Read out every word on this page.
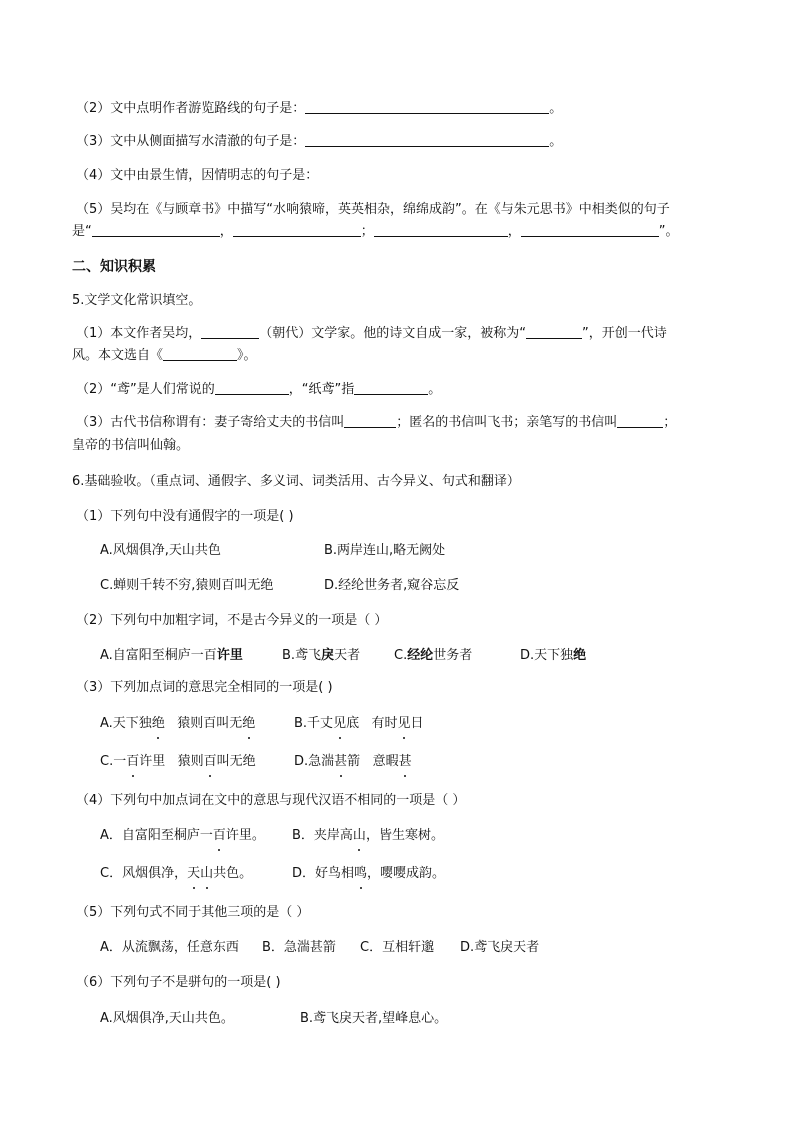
（2）文中点明作者游览路线的句子是：	。
（3）文中从侧面描写水清澈的句子是：	。
（4）文中由景生情，因情明志的句子是：
（5）吴均在《与顾章书》中描写“水响猿啼，英英相杂，绵绵成韵”。在《与朱元思书》中相类似的句子
是“	，	；	，	”。
二、知识积累
5.文学文化常识填空。
（1）本文作者吴均，	（朝代）文学家。他的诗文自成一家，被称为“	”，开创一代诗
风。本文选自《	》。
（2）“鸢”是人们常说的	，“纸鸢”指	。
（3）古代书信称谓有：妻子寄给丈夫的书信叫	；匿名的书信叫飞书；亲笔写的书信叫	；
皇帝的书信叫仙翰。
6.基础验收。（重点词、通假字、多义词、词类活用、古今异义、句式和翻译）
（1）下列句中没有通假字的一项是( )
A.风烟俱净,天山共色	B.两岸连山,略无阙处
C.蝉则千转不穷,猿则百叫无绝	D.经纶世务者,窥谷忘反
（2）下列句中加粗字词，不是古今异义的一项是（ ）
A.自富阳至桐庐一百许里	B.鸢飞戾天者	C.经纶世务者	D.天下独绝
（3）下列加点词的意思完全相同的一项是( )
A.天下独绝   猿则百叫无绝	B.千丈见底   有时见日
C.一百许里   猿则百叫无绝	D.急湍甚箭   意暇甚
（4）下列句中加点词在文中的意思与现代汉语不相同的一项是（ ）
A．自富阳至桐庐一百许里。 B．夹岸高山，皆生寒树。
C．风烟俱净，天山共色。	D．好鸟相鸣，嘤嘤成韵。
（5）下列句式不同于其他三项的是（ ）
A．从流飘荡，任意东西 B．急湍甚箭 C．互相轩邈 D.鸢飞戾天者
（6）下列句子不是骈句的一项是( )
A.风烟俱净,天山共色。	B.鸢飞戾天者,望峰息心。
